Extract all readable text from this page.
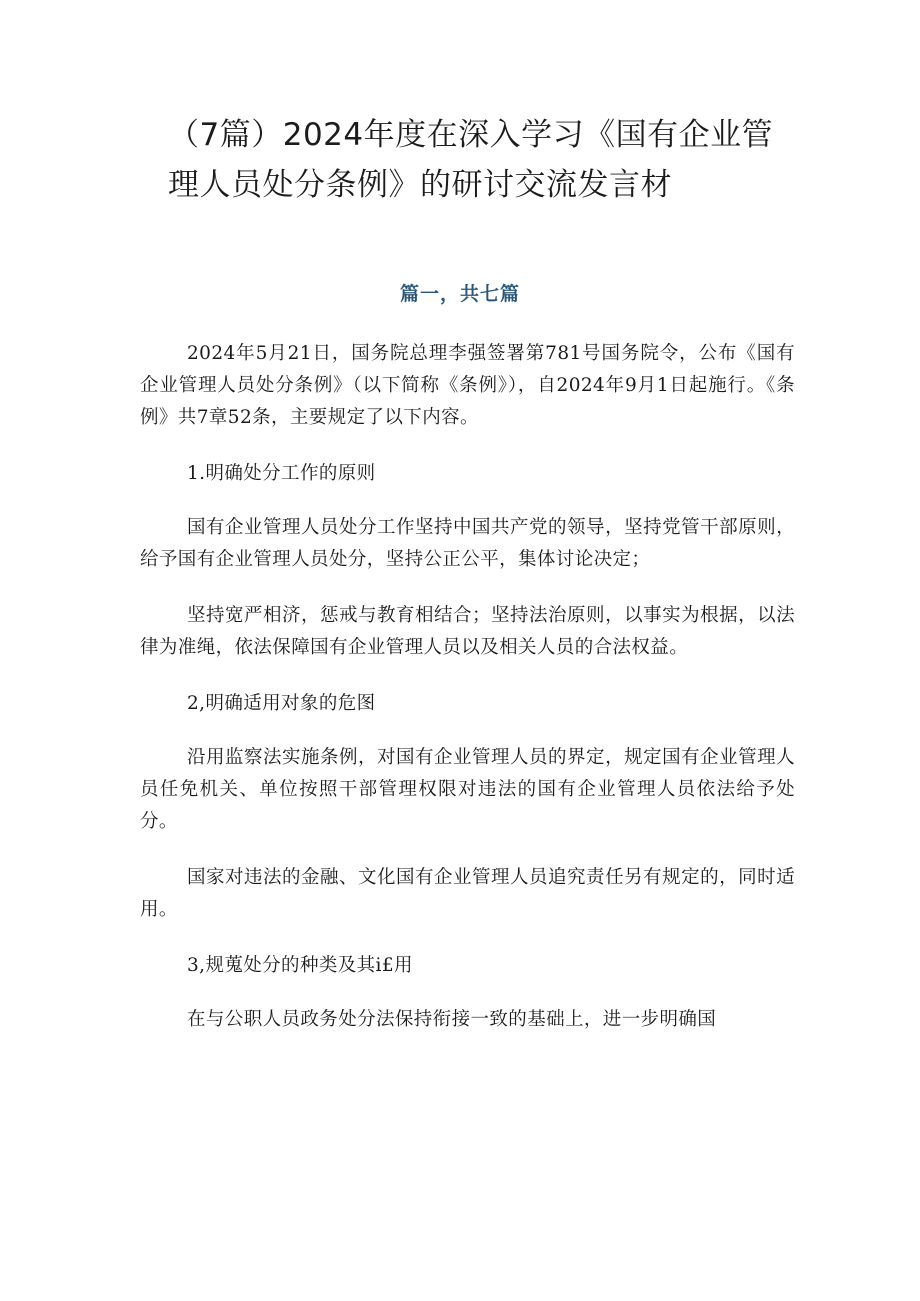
（7篇）2024年度在深入学习《国有企业管
理人员处分条例》的研讨交流发言材
篇一，共七篇

2024年5月21日，国务院总理李强签署第781号国务院令，公布《国有企业管理人员处分条例》（以下简称《条例》），自2024年9月1日起施行。《条例》共7章52条，主要规定了以下内容。

1.明确处分工作的原则

国有企业管理人员处分工作坚持中国共产党的领导，坚持党管干部原则，给予国有企业管理人员处分，坚持公正公平，集体讨论决定；

坚持宽严相济，惩戒与教育相结合；坚持法治原则，以事实为根据，以法律为准绳，依法保障国有企业管理人员以及相关人员的合法权益。

2,明确适用对象的危图

沿用监察法实施条例，对国有企业管理人员的界定，规定国有企业管理人员任免机关、单位按照干部管理权限对违法的国有企业管理人员依法给予处分。

国家对违法的金融、文化国有企业管理人员追究责任另有规定的，同时适用。

3,规蒐处分的种类及其i£用

在与公职人员政务处分法保持衔接一致的基础上，进一步明确国
